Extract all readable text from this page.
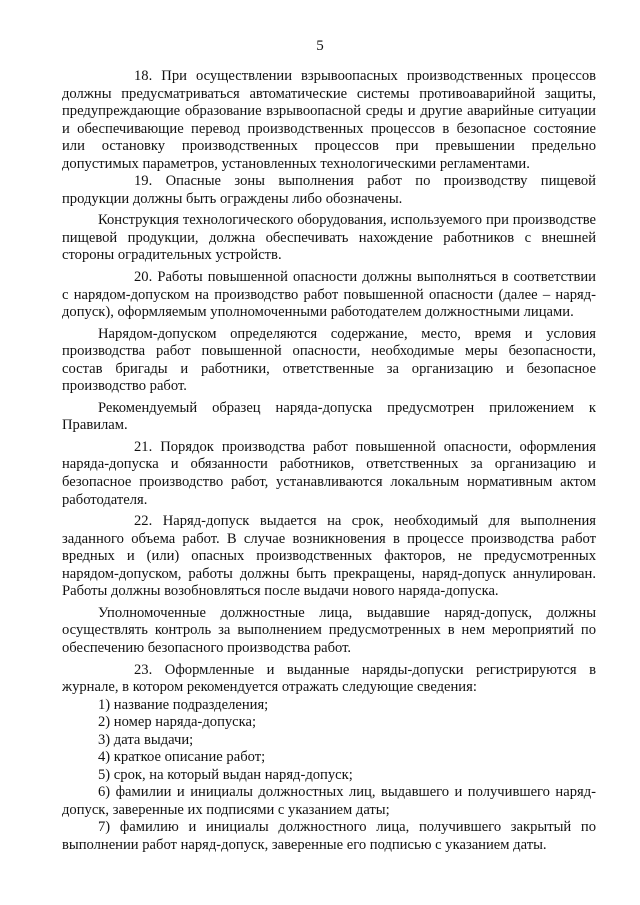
5

18. При осуществлении взрывоопасных производственных процессов должны предусматриваться автоматические системы противоаварийной защиты, предупреждающие образование взрывоопасной среды и другие аварийные ситуации и обеспечивающие перевод производственных процессов в безопасное состояние или остановку производственных процессов при превышении предельно допустимых параметров, установленных технологическими регламентами.

19. Опасные зоны выполнения работ по производству пищевой продукции должны быть ограждены либо обозначены.

Конструкция технологического оборудования, используемого при производстве пищевой продукции, должна обеспечивать нахождение работников с внешней стороны оградительных устройств.

20. Работы повышенной опасности должны выполняться в соответствии с нарядом-допуском на производство работ повышенной опасности (далее – наряд-допуск), оформляемым уполномоченными работодателем должностными лицами.

Нарядом-допуском определяются содержание, место, время и условия производства работ повышенной опасности, необходимые меры безопасности, состав бригады и работники, ответственные за организацию и безопасное производство работ.

Рекомендуемый образец наряда-допуска предусмотрен приложением к Правилам.

21. Порядок производства работ повышенной опасности, оформления наряда-допуска и обязанности работников, ответственных за организацию и безопасное производство работ, устанавливаются локальным нормативным актом работодателя.

22. Наряд-допуск выдается на срок, необходимый для выполнения заданного объема работ. В случае возникновения в процессе производства работ вредных и (или) опасных производственных факторов, не предусмотренных нарядом-допуском, работы должны быть прекращены, наряд-допуск аннулирован. Работы должны возобновляться после выдачи нового наряда-допуска.

Уполномоченные должностные лица, выдавшие наряд-допуск, должны осуществлять контроль за выполнением предусмотренных в нем мероприятий по обеспечению безопасного производства работ.

23. Оформленные и выданные наряды-допуски регистрируются в журнале, в котором рекомендуется отражать следующие сведения:

1) название подразделения;

2) номер наряда-допуска;

3) дата выдачи;

4) краткое описание работ;

5) срок, на который выдан наряд-допуск;

6) фамилии и инициалы должностных лиц, выдавшего и получившего наряд-допуск, заверенные их подписями с указанием даты;

7) фамилию и инициалы должностного лица, получившего закрытый по выполнении работ наряд-допуск, заверенные его подписью с указанием даты.
